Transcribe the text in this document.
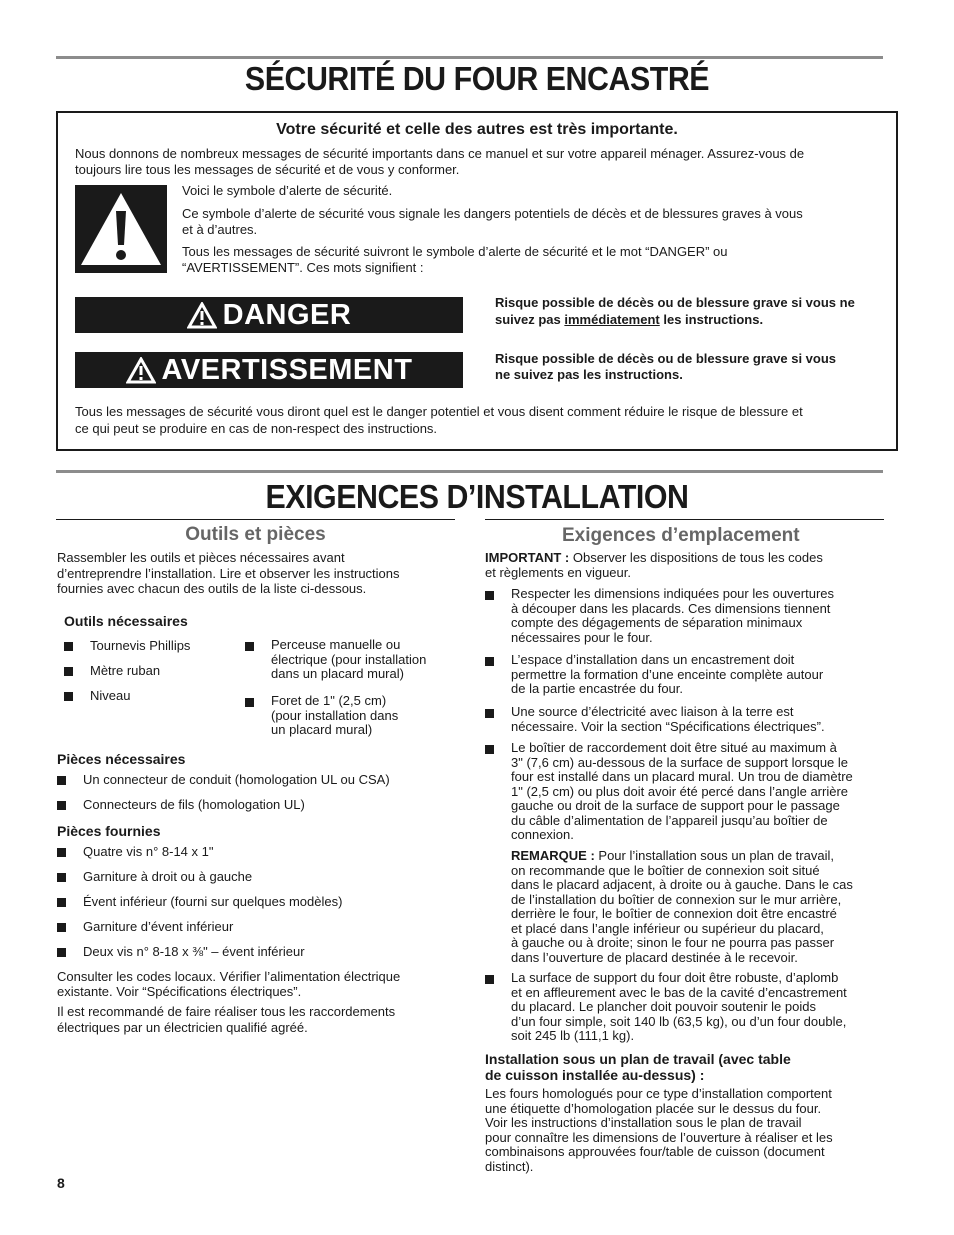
SÉCURITÉ DU FOUR ENCASTRÉ
Votre sécurité et celle des autres est très importante.
Nous donnons de nombreux messages de sécurité importants dans ce manuel et sur votre appareil ménager. Assurez-vous de
toujours lire tous les messages de sécurité et de vous y conformer.
Voici le symbole d’alerte de sécurité.
Ce symbole d’alerte de sécurité vous signale les dangers potentiels de décès et de blessures graves à vous
et à d’autres.
Tous les messages de sécurité suivront le symbole d’alerte de sécurité et le mot “DANGER” ou
“AVERTISSEMENT”. Ces mots signifient :
DANGER	Risque possible de décès ou de blessure grave si vous ne
suivez pas immédiatement les instructions.
AVERTISSEMENT	Risque possible de décès ou de blessure grave si vous
ne suivez pas les instructions.
Tous les messages de sécurité vous diront quel est le danger potentiel et vous disent comment réduire le risque de blessure et
ce qui peut se produire en cas de non-respect des instructions.
EXIGENCES D’INSTALLATION
Outils et pièces
Rassembler les outils et pièces nécessaires avant
d’entreprendre l’installation. Lire et observer les instructions
fournies avec chacun des outils de la liste ci-dessous.
Outils nécessaires
Tournevis Phillips
Mètre ruban
Niveau
Perceuse manuelle ou
électrique (pour installation
dans un placard mural)
Foret de 1" (2,5 cm)
(pour installation dans
un placard mural)
Pièces nécessaires
Un connecteur de conduit (homologation UL ou CSA)
Connecteurs de fils (homologation UL)
Pièces fournies
Quatre vis n° 8-14 x 1"
Garniture à droit ou à gauche
Évent inférieur (fourni sur quelques modèles)
Garniture d’évent inférieur
Deux vis n° 8-18 x ⅜" – évent inférieur
Consulter les codes locaux. Vérifier l’alimentation électrique
existante. Voir “Spécifications électriques”.
Il est recommandé de faire réaliser tous les raccordements
électriques par un électricien qualifié agréé.
Exigences d’emplacement
IMPORTANT : Observer les dispositions de tous les codes
et règlements en vigueur.
Respecter les dimensions indiquées pour les ouvertures
à découper dans les placards. Ces dimensions tiennent
compte des dégagements de séparation minimaux
nécessaires pour le four.
L’espace d’installation dans un encastrement doit
permettre la formation d’une enceinte complète autour
de la partie encastrée du four.
Une source d’électricité avec liaison à la terre est
nécessaire. Voir la section “Spécifications électriques”.
Le boîtier de raccordement doit être situé au maximum à
3" (7,6 cm) au-dessous de la surface de support lorsque le
four est installé dans un placard mural. Un trou de diamètre
1" (2,5 cm) ou plus doit avoir été percé dans l’angle arrière
gauche ou droit de la surface de support pour le passage
du câble d’alimentation de l’appareil jusqu’au boîtier de
connexion.
REMARQUE : Pour l’installation sous un plan de travail,
on recommande que le boîtier de connexion soit situé
dans le placard adjacent, à droite ou à gauche. Dans le cas
de l’installation du boîtier de connexion sur le mur arrière,
derrière le four, le boîtier de connexion doit être encastré
et placé dans l’angle inférieur ou supérieur du placard,
à gauche ou à droite; sinon le four ne pourra pas passer
dans l’ouverture de placard destinée à le recevoir.
La surface de support du four doit être robuste, d’aplomb
et en affleurement avec le bas de la cavité d’encastrement
du placard. Le plancher doit pouvoir soutenir le poids
d’un four simple, soit 140 lb (63,5 kg), ou d’un four double,
soit 245 lb (111,1 kg).
Installation sous un plan de travail (avec table
de cuisson installée au-dessus) :
Les fours homologués pour ce type d’installation comportent
une étiquette d’homologation placée sur le dessus du four.
Voir les instructions d’installation sous le plan de travail
pour connaître les dimensions de l’ouverture à réaliser et les
combinaisons approuvées four/table de cuisson (document
distinct).
8
